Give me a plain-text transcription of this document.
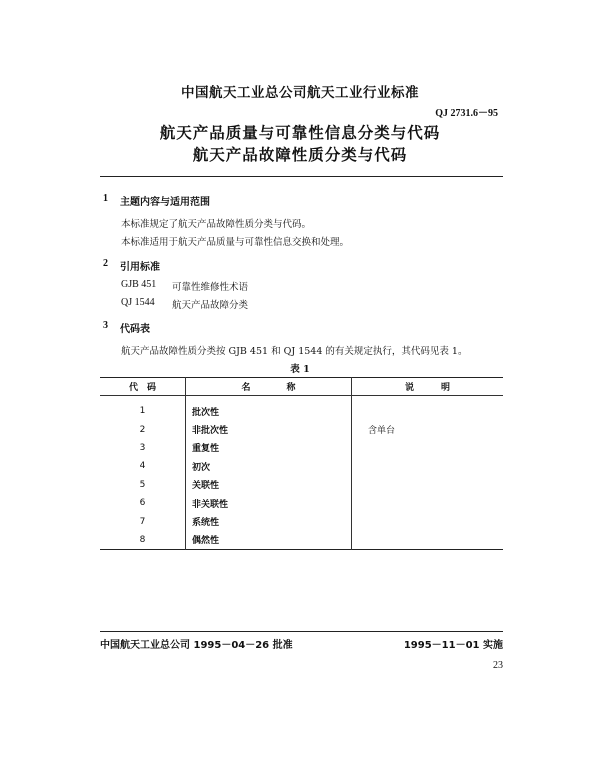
中国航天工业总公司航天工业行业标准
QJ 2731.6－95
航天产品质量与可靠性信息分类与代码
航天产品故障性质分类与代码
1 主题内容与适用范围
本标准规定了航天产品故障性质分类与代码。
本标准适用于航天产品质量与可靠性信息交换和处理。
2 引用标准
GJB 451 可靠性维修性术语
QJ 1544 航天产品故障分类
3 代码表
航天产品故障性质分类按 GJB 451 和 QJ 1544 的有关规定执行，其代码见表 1。
表 1
代　码	名　　　　称	说　　　明
1	批次性	
2	非批次性	含单台
3	重复性	
4	初次	
5	关联性	
6	非关联性	
7	系统性	
8	偶然性	
中国航天工业总公司 1995－04－26 批准	1995－11－01 实施
23
